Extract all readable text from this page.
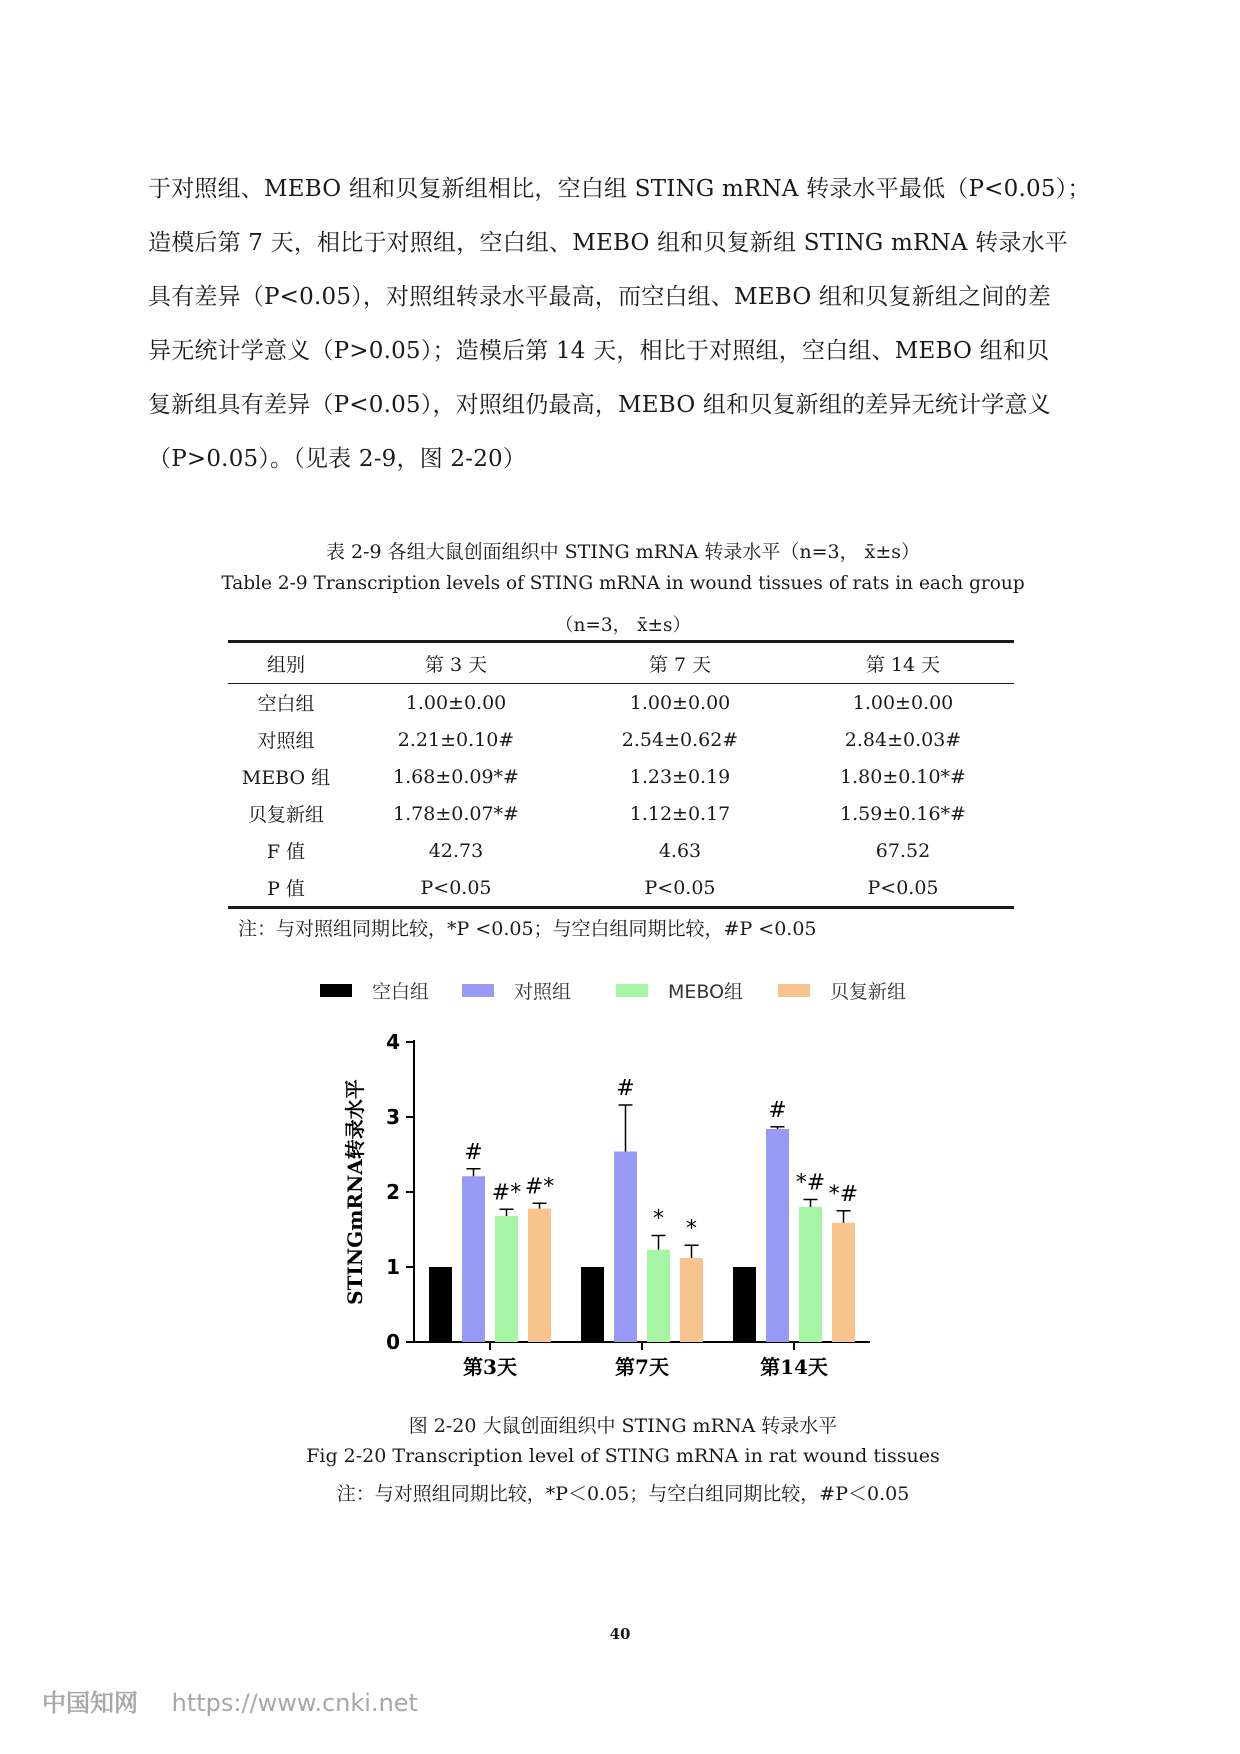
于对照组、MEBO 组和贝复新组相比，空白组 STING mRNA 转录水平最低（P<0.05）；

造模后第 7 天，相比于对照组，空白组、MEBO 组和贝复新组 STING mRNA 转录水平

具有差异（P<0.05），对照组转录水平最高，而空白组、MEBO 组和贝复新组之间的差

异无统计学意义（P>0.05）；造模后第 14 天，相比于对照组，空白组、MEBO 组和贝

复新组具有差异（P<0.05），对照组仍最高，MEBO 组和贝复新组的差异无统计学意义

（P>0.05）。（见表 2-9，图 2-20）

表 2-9 各组大鼠创面组织中 STING mRNA 转录水平（n=3， x̄±s）
Table 2-9 Transcription levels of STING mRNA in wound tissues of rats in each group
（n=3， x̄±s）
组别	第 3 天	第 7 天	第 14 天
空白组	1.00±0.00	1.00±0.00	1.00±0.00
对照组	2.21±0.10#	2.54±0.62#	2.84±0.03#
MEBO 组	1.68±0.09*#	1.23±0.19	1.80±0.10*#
贝复新组	1.78±0.07*#	1.12±0.17	1.59±0.16*#
F 值	42.73	4.63	67.52
P 值	P<0.05	P<0.05	P<0.05
注：与对照组同期比较，*P <0.05；与空白组同期比较，#P <0.05
空白组	对照组	MEBO组	贝复新组
0
1
2
3
4
STINGmRNA转录水平
第3天
#
#* #*
第7天
#
* *
第14天
#
*# *#
图 2-20 大鼠创面组织中 STING mRNA 转录水平
Fig 2-20 Transcription level of STING mRNA in rat wound tissues
注：与对照组同期比较，*P＜0.05；与空白组同期比较，#P＜0.05
40
中国知网 https://www.cnki.net
